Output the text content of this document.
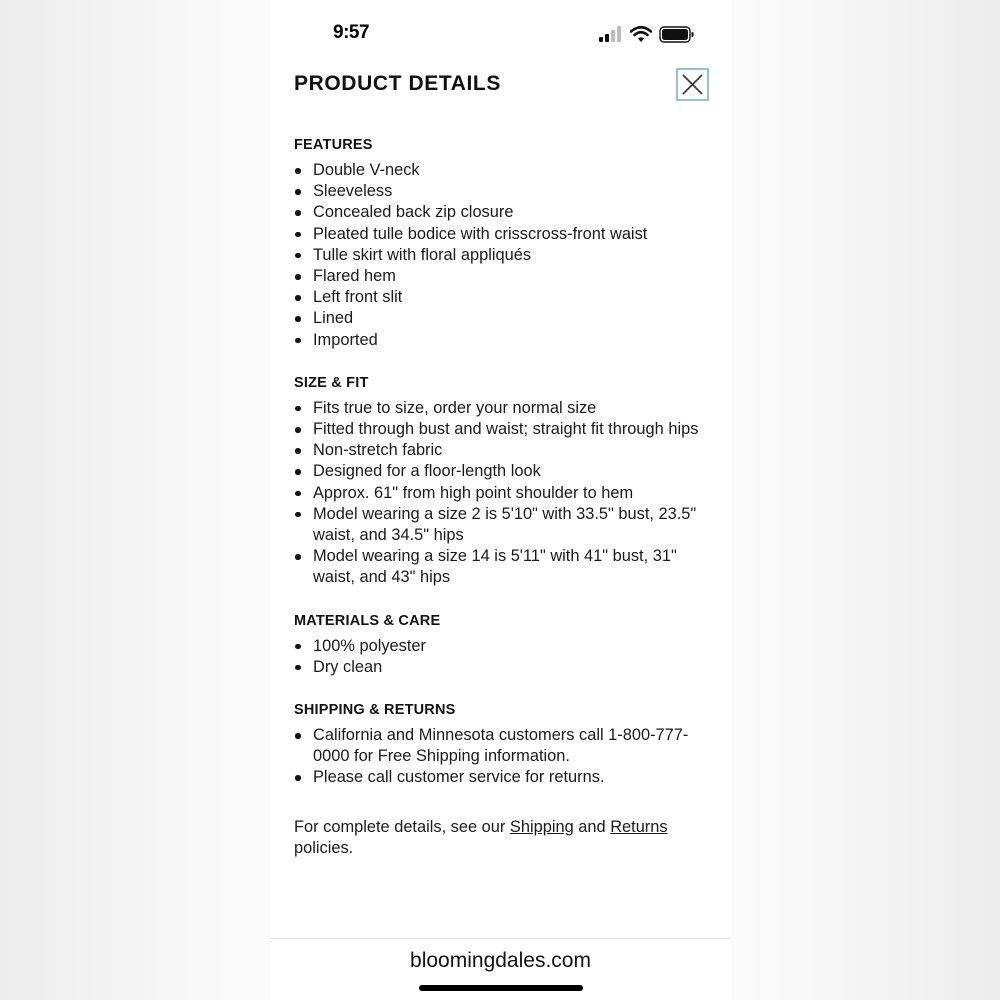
9:57
PRODUCT DETAILS
FEATURES
Double V-neck
Sleeveless
Concealed back zip closure
Pleated tulle bodice with crisscross-front waist
Tulle skirt with floral appliqués
Flared hem
Left front slit
Lined
Imported
SIZE & FIT
Fits true to size, order your normal size
Fitted through bust and waist; straight fit through hips
Non-stretch fabric
Designed for a floor-length look
Approx. 61" from high point shoulder to hem
Model wearing a size 2 is 5'10" with 33.5" bust, 23.5" waist, and 34.5" hips
Model wearing a size 14 is 5'11" with 41" bust, 31" waist, and 43" hips
MATERIALS & CARE
100% polyester
Dry clean
SHIPPING & RETURNS
California and Minnesota customers call 1-800-777-0000 for Free Shipping information.
Please call customer service for returns.

For complete details, see our Shipping and Returns policies.

bloomingdales.com
